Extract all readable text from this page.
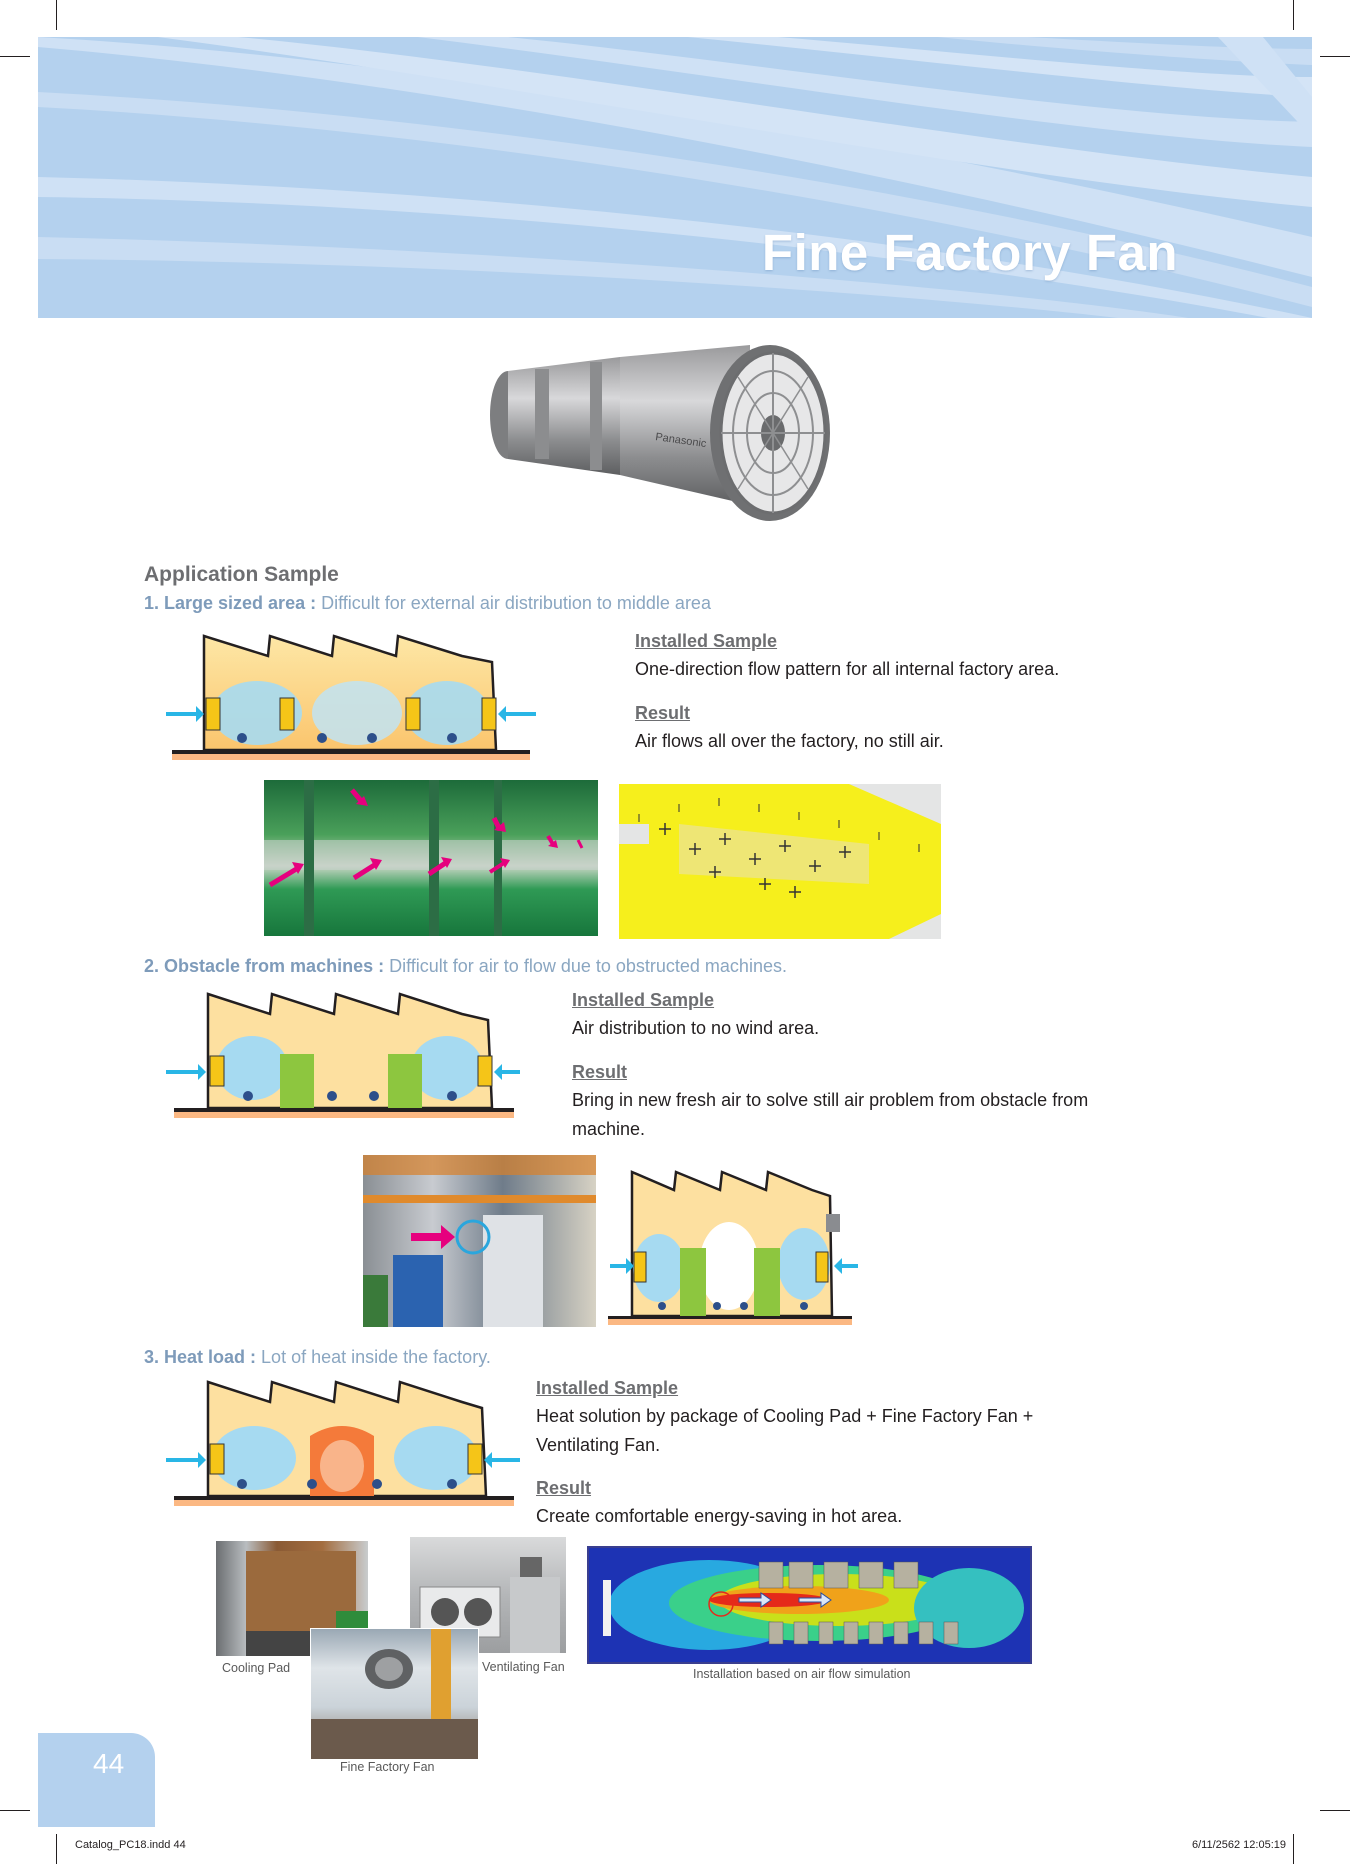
Fine Factory Fan
Panasonic
Application Sample
1. Large sized area : Difficult for external air distribution to middle area
Installed Sample
One-direction flow pattern for all internal factory area.
Result
Air flows all over the factory, no still air.
2. Obstacle from machines : Difficult for air to flow due to obstructed machines.
Installed Sample
Air distribution to no wind area.
Result
Bring in new fresh air to solve still air problem from obstacle from machine.
3. Heat load : Lot of heat inside the factory.
Installed Sample
Heat solution by package of Cooling Pad + Fine Factory Fan + Ventilating Fan.
Result
Create comfortable energy-saving in hot area.
Cooling Pad	Ventilating Fan
Fine Factory Fan
Installation based on air flow simulation
44
Catalog_PC18.indd 44	6/11/2562 12:05:19
